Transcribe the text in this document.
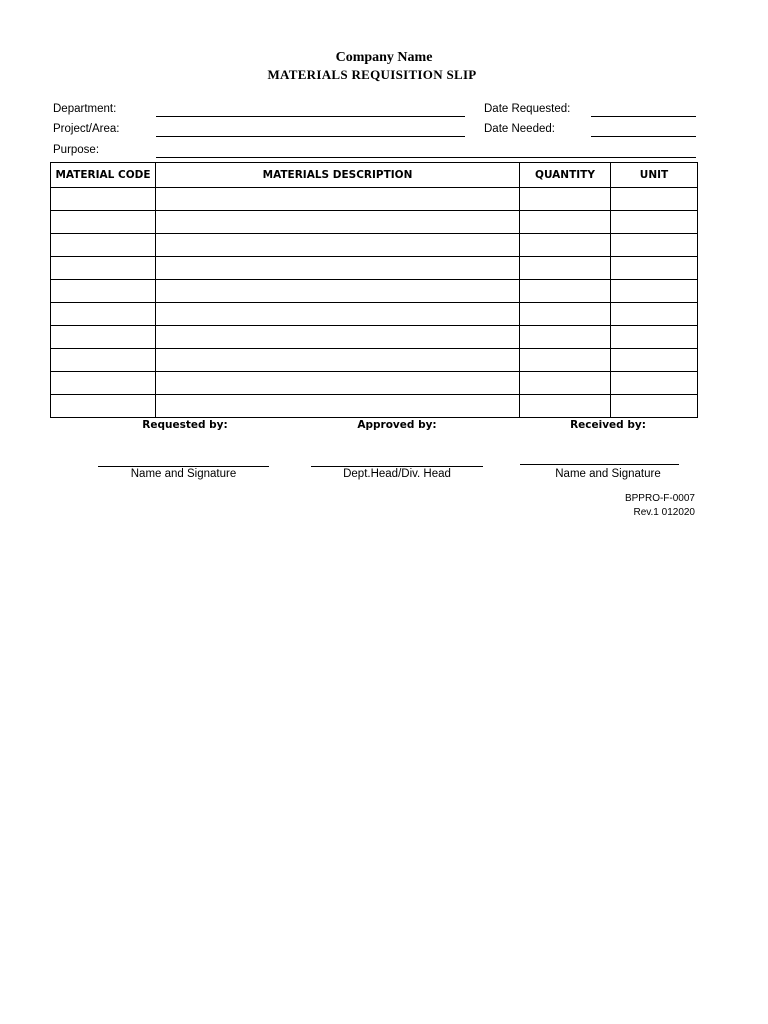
Company Name
MATERIALS REQUISITION SLIP
Department:	Date Requested:
Project/Area:	Date Needed:
Purpose:
MATERIAL CODE	MATERIALS DESCRIPTION	QUANTITY	UNIT

Requested by:	Approved by:	Received by:
Name and Signature	Dept.Head/Div. Head	Name and Signature
BPPRO-F-0007
Rev.1 012020
